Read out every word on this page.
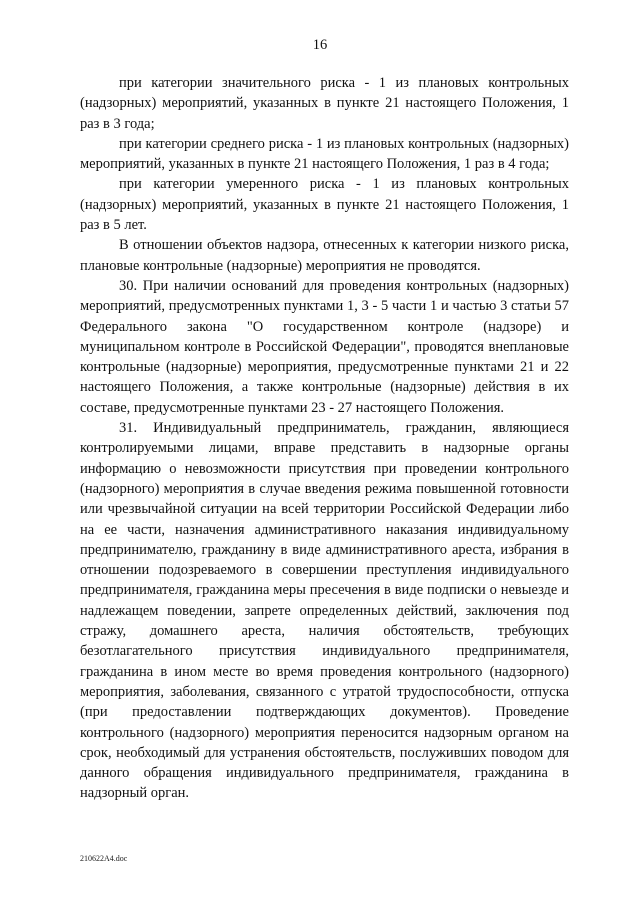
16

при категории значительного риска - 1 из плановых контрольных (надзорных) мероприятий, указанных в пункте 21 настоящего Положения, 1 раз в 3 года;

при категории среднего риска - 1 из плановых контрольных (надзорных) мероприятий, указанных в пункте 21 настоящего Положения, 1 раз в 4 года;

при категории умеренного риска - 1 из плановых контрольных (надзорных) мероприятий, указанных в пункте 21 настоящего Положения, 1 раз в 5 лет.

В отношении объектов надзора, отнесенных к категории низкого риска, плановые контрольные (надзорные) мероприятия не проводятся.

30. При наличии оснований для проведения контрольных (надзорных) мероприятий, предусмотренных пунктами 1, 3 - 5 части 1 и частью 3 статьи 57 Федерального закона "О государственном контроле (надзоре) и муниципальном контроле в Российской Федерации", проводятся внеплановые контрольные (надзорные) мероприятия, предусмотренные пунктами 21 и 22 настоящего Положения, а также контрольные (надзорные) действия в их составе, предусмотренные пунктами 23 - 27 настоящего Положения.

31. Индивидуальный предприниматель, гражданин, являющиеся контролируемыми лицами, вправе представить в надзорные органы информацию о невозможности присутствия при проведении контрольного (надзорного) мероприятия в случае введения режима повышенной готовности или чрезвычайной ситуации на всей территории Российской Федерации либо на ее части, назначения административного наказания индивидуальному предпринимателю, гражданину в виде административного ареста, избрания в отношении подозреваемого в совершении преступления индивидуального предпринимателя, гражданина меры пресечения в виде подписки о невыезде и надлежащем поведении, запрете определенных действий, заключения под стражу, домашнего ареста, наличия обстоятельств, требующих безотлагательного присутствия индивидуального предпринимателя, гражданина в ином месте во время проведения контрольного (надзорного) мероприятия, заболевания, связанного с утратой трудоспособности, отпуска (при предоставлении подтверждающих документов). Проведение контрольного (надзорного) мероприятия переносится надзорным органом на срок, необходимый для устранения обстоятельств, послуживших поводом для данного обращения индивидуального предпринимателя, гражданина в надзорный орган.

210622А4.doc
